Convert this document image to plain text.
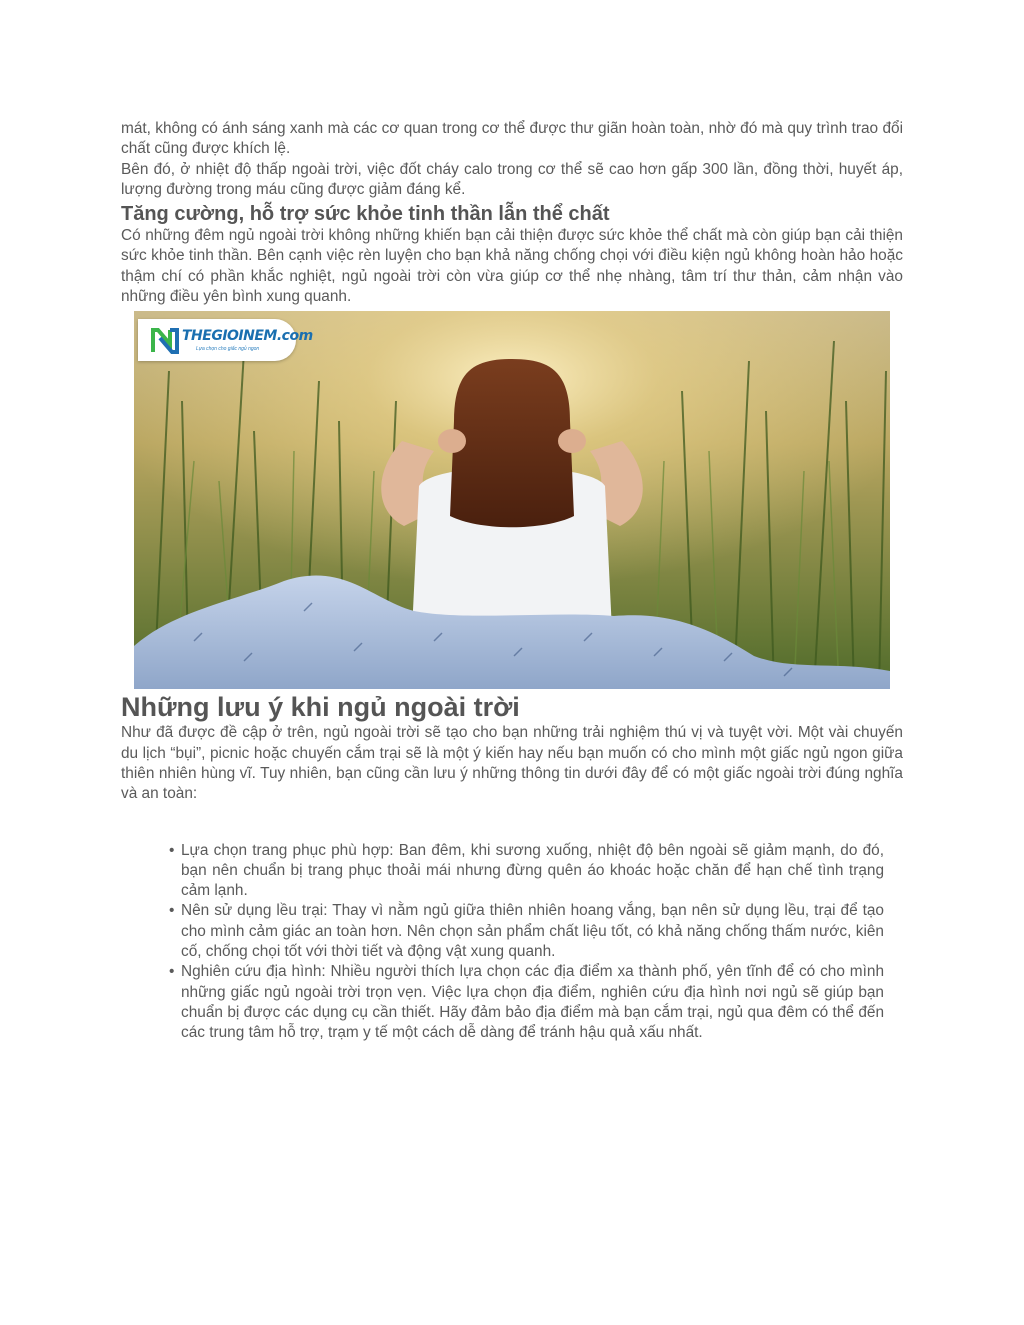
mát, không có ánh sáng xanh mà các cơ quan trong cơ thể được thư giãn hoàn toàn, nhờ đó mà quy trình trao đổi chất cũng được khích lệ.

Bên đó, ở nhiệt độ thấp ngoài trời, việc đốt cháy calo trong cơ thể sẽ cao hơn gấp 300 lần, đồng thời, huyết áp, lượng đường trong máu cũng được giảm đáng kể.

Tăng cường, hỗ trợ sức khỏe tinh thần lẫn thể chất

Có những đêm ngủ ngoài trời không những khiến bạn cải thiện được sức khỏe thể chất mà còn giúp bạn cải thiện sức khỏe tinh thần. Bên cạnh việc rèn luyện cho bạn khả năng chống chọi với điều kiện ngủ không hoàn hảo hoặc thậm chí có phần khắc nghiệt, ngủ ngoài trời còn vừa giúp cơ thể nhẹ nhàng, tâm trí thư thản, cảm nhận vào những điều yên bình xung quanh.

THEGIOINEM.com
Lựa chọn cho giấc ngủ ngon
Những lưu ý khi ngủ ngoài trời

Như đã được đề cập ở trên, ngủ ngoài trời sẽ tạo cho bạn những trải nghiệm thú vị và tuyệt vời. Một vài chuyến du lịch “bụi”, picnic hoặc chuyến cắm trại sẽ là một ý kiến hay nếu bạn muốn có cho mình một giấc ngủ ngon giữa thiên nhiên hùng vĩ. Tuy nhiên, bạn cũng cần lưu ý những thông tin dưới đây để có một giấc ngoài trời đúng nghĩa và an toàn:

• Lựa chọn trang phục phù hợp: Ban đêm, khi sương xuống, nhiệt độ bên ngoài sẽ giảm mạnh, do đó, bạn nên chuẩn bị trang phục thoải mái nhưng đừng quên áo khoác hoặc chăn để hạn chế tình trạng cảm lạnh.
• Nên sử dụng lều trại: Thay vì nằm ngủ giữa thiên nhiên hoang vắng, bạn nên sử dụng lều, trại để tạo cho mình cảm giác an toàn hơn. Nên chọn sản phẩm chất liệu tốt, có khả năng chống thấm nước, kiên cố, chống chọi tốt với thời tiết và động vật xung quanh.
• Nghiên cứu địa hình: Nhiều người thích lựa chọn các địa điểm xa thành phố, yên tĩnh để có cho mình những giấc ngủ ngoài trời trọn vẹn. Việc lựa chọn địa điểm, nghiên cứu địa hình nơi ngủ sẽ giúp bạn chuẩn bị được các dụng cụ cần thiết. Hãy đảm bảo địa điểm mà bạn cắm trại, ngủ qua đêm có thể đến các trung tâm hỗ trợ, trạm y tế một cách dễ dàng để tránh hậu quả xấu nhất.
